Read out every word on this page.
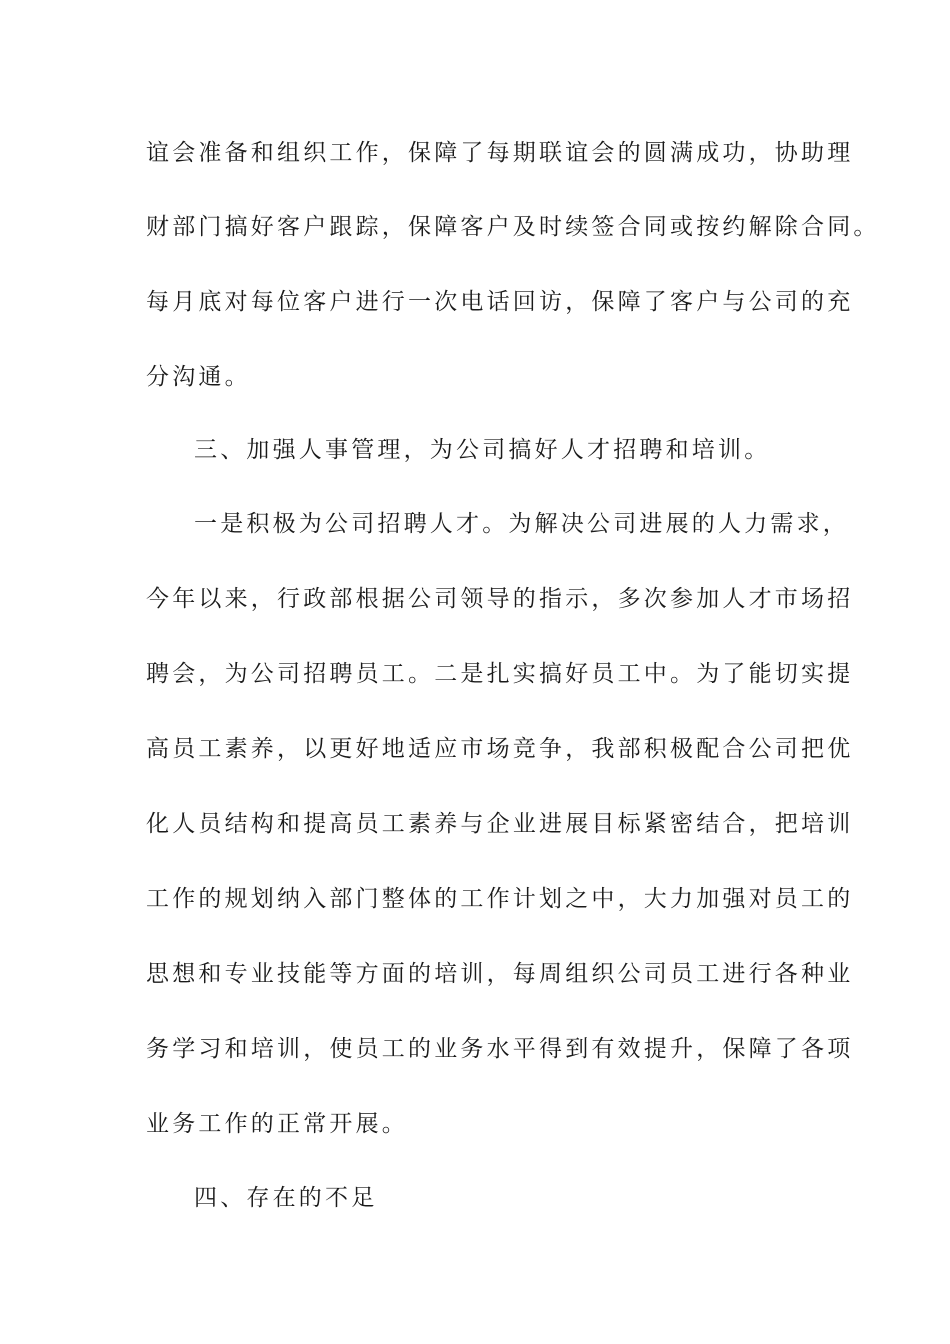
谊会准备和组织工作，保障了每期联谊会的圆满成功，协助理

财部门搞好客户跟踪，保障客户及时续签合同或按约解除合同。

每月底对每位客户进行一次电话回访，保障了客户与公司的充

分沟通。

三、加强人事管理，为公司搞好人才招聘和培训。

一是积极为公司招聘人才。为解决公司进展的人力需求，

今年以来，行政部根据公司领导的指示，多次参加人才市场招

聘会，为公司招聘员工。二是扎实搞好员工中。为了能切实提

高员工素养，以更好地适应市场竞争，我部积极配合公司把优

化人员结构和提高员工素养与企业进展目标紧密结合，把培训

工作的规划纳入部门整体的工作计划之中，大力加强对员工的

思想和专业技能等方面的培训，每周组织公司员工进行各种业

务学习和培训，使员工的业务水平得到有效提升，保障了各项

业务工作的正常开展。

四、存在的不足
